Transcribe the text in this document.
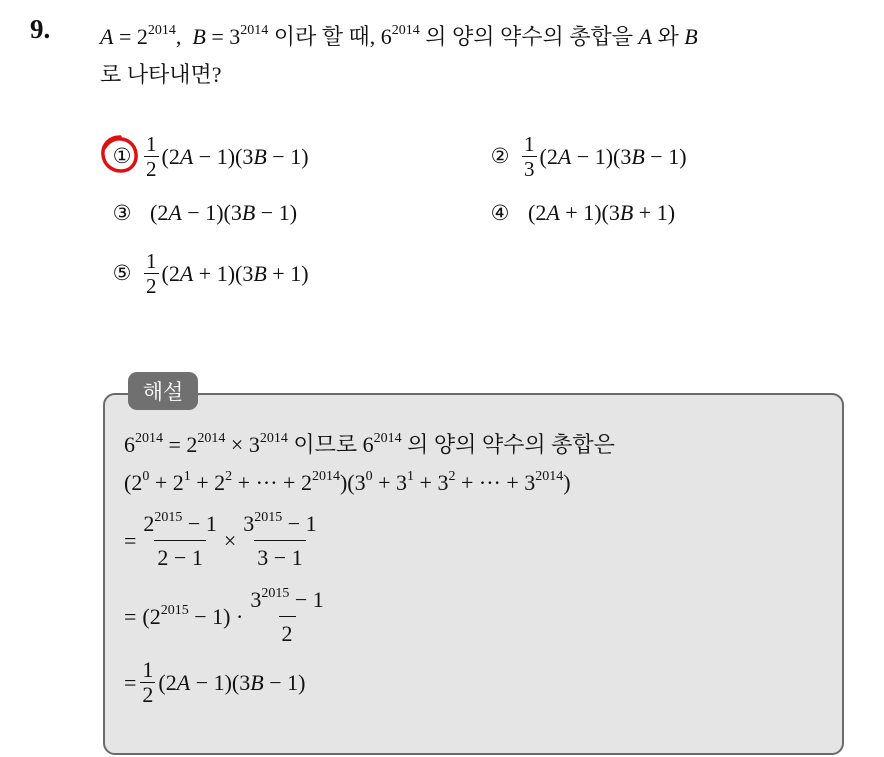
9. $A = 2^{2014}$,  $B = 3^{2014}$ 이라 할 때, $6^{2014}$ 의 양의 약수의 총합을 A 와 B
로 나타내면?
① $\frac{1}{2} (2A - 1)(3B - 1)$	② $\frac{1}{3} (2A - 1)(3B - 1)$
③ (2A − 1)(3B − 1)	④ (2A + 1)(3B + 1)
⑤ $\frac{1}{2} (2A + 1)(3B + 1)$
해설
$6^{2014} = 2^{2014} \times 3^{2014}$ 이므로 $6^{2014}$ 의 양의 약수의 총합은
($2^0 + 2^1 + 2^2$ + ··· + $2^{2014})(3^0 + 3^1 + 3^2$ + ··· + $3^{2014}$)
= $\frac{2^{2015} - 1}{2 - 1} \times \frac{3^{2015} - 1}{3 - 1}$
= $(2^{2015} - 1)$ ·
$3^{2015} - 1$
2
= $\frac{1}{2} (2A - 1)(3B - 1)$
